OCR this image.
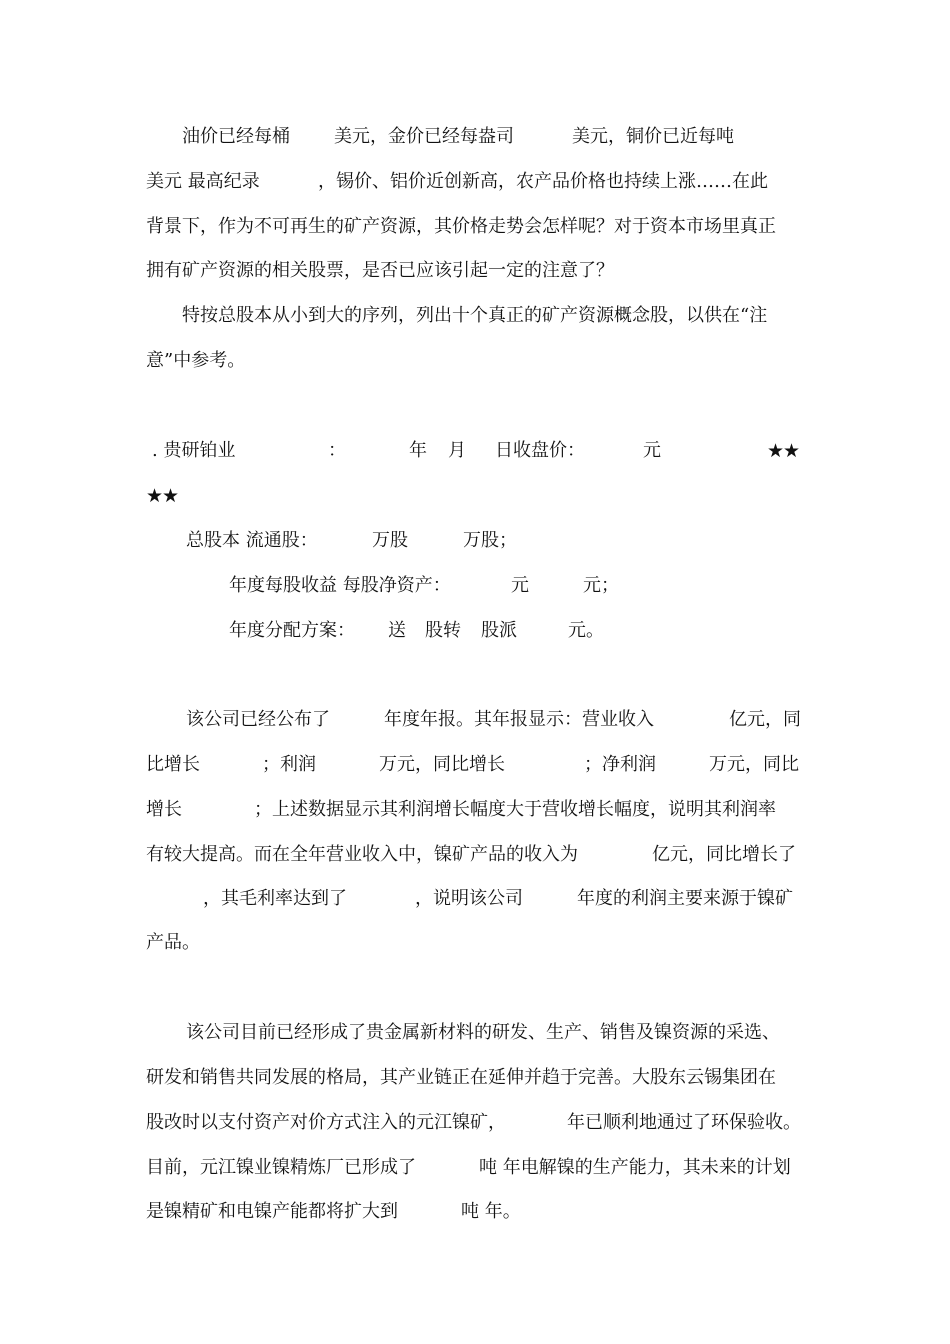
油价已经每桶 美元，金价已经每盎司	美元，铜价已近每吨
美元 最高纪录	，锡价、铝价近创新高，农产品价格也持续上涨……在此
背景下，作为不可再生的矿产资源，其价格走势会怎样呢？对于资本市场里真正
拥有矿产资源的相关股票，是否已应该引起一定的注意了？
特按总股本从小到大的序列，列出十个真正的矿产资源概念股，以供在“注
意”中参考。
. 贵研铂业	：	年 月 日收盘价：	元	★★
★★
总股本 流通股：	万股	万股；
年度每股收益 每股净资产：	元	元；
年度分配方案： 送 股转 股派	元。
该公司已经公布了	年度年报。其年报显示：营业收入	亿元，同
比增长	；利润	万元，同比增长	；净利润	万元，同比
增长	；上述数据显示其利润增长幅度大于营收增长幅度，说明其利润率
有较大提高。而在全年营业收入中，镍矿产品的收入为	亿元，同比增长了
，其毛利率达到了	，说明该公司	年度的利润主要来源于镍矿
产品。
该公司目前已经形成了贵金属新材料的研发、生产、销售及镍资源的采选、
研发和销售共同发展的格局，其产业链正在延伸并趋于完善。大股东云锡集团在
股改时以支付资产对价方式注入的元江镍矿，	年已顺利地通过了环保验收。
目前，元江镍业镍精炼厂已形成了	吨 年电解镍的生产能力，其未来的计划
是镍精矿和电镍产能都将扩大到	吨 年。
